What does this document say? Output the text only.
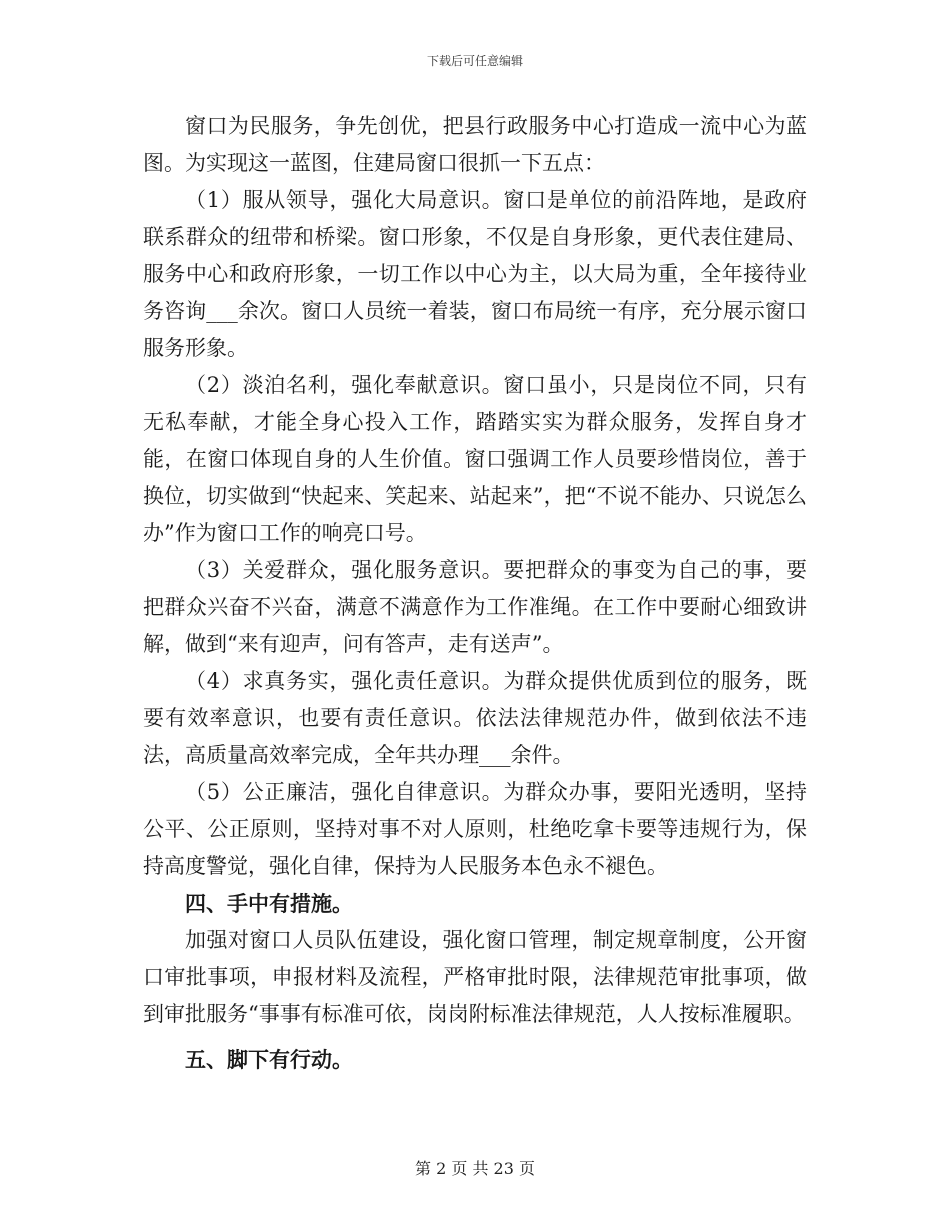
下载后可任意编辑

窗口为民服务，争先创优，把县行政服务中心打造成一流中心为蓝图。为实现这一蓝图，住建局窗口很抓一下五点：

（1）服从领导，强化大局意识。窗口是单位的前沿阵地，是政府联系群众的纽带和桥梁。窗口形象，不仅是自身形象，更代表住建局、服务中心和政府形象，一切工作以中心为主，以大局为重，全年接待业务咨询___余次。窗口人员统一着装，窗口布局统一有序，充分展示窗口服务形象。

（2）淡泊名利，强化奉献意识。窗口虽小，只是岗位不同，只有无私奉献，才能全身心投入工作，踏踏实实为群众服务，发挥自身才能，在窗口体现自身的人生价值。窗口强调工作人员要珍惜岗位，善于换位，切实做到“快起来、笑起来、站起来”，把“不说不能办、只说怎么办”作为窗口工作的响亮口号。

（3）关爱群众，强化服务意识。要把群众的事变为自己的事，要把群众兴奋不兴奋，满意不满意作为工作准绳。在工作中要耐心细致讲解，做到“来有迎声，问有答声，走有送声”。

（4）求真务实，强化责任意识。为群众提供优质到位的服务，既要有效率意识，也要有责任意识。依法法律规范办件，做到依法不违法，高质量高效率完成，全年共办理___余件。

（5）公正廉洁，强化自律意识。为群众办事，要阳光透明，坚持公平、公正原则，坚持对事不对人原则，杜绝吃拿卡要等违规行为，保持高度警觉，强化自律，保持为人民服务本色永不褪色。

四、手中有措施。

加强对窗口人员队伍建设，强化窗口管理，制定规章制度，公开窗口审批事项，申报材料及流程，严格审批时限，法律规范审批事项，做到审批服务“事事有标准可依，岗岗附标准法律规范，人人按标准履职。

五、脚下有行动。

第 2 页 共 23 页
